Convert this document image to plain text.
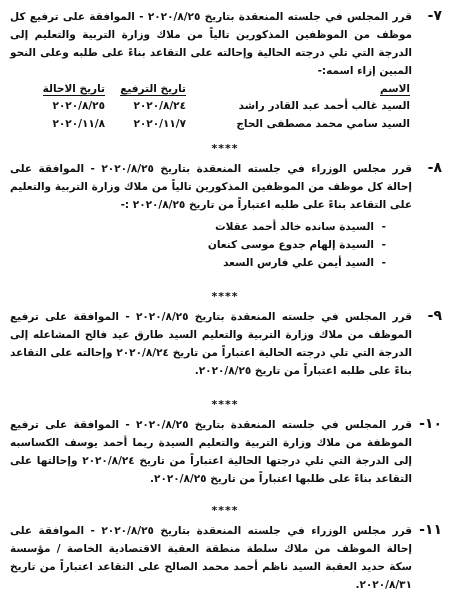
-٧
قرر المجلس في جلسته المنعقدة بتاريخ ٢٠٢٠/٨/٢٥ - الموافقة على ترفيع كل موظف من الموظفين المذكورين تالياً من ملاك وزارة التربية والتعليم إلى الدرجة التي تلي درجته الحالية وإحالته على التقاعد بناءً على طلبه وعلى النحو المبين إزاء اسمه:-
الاسم	تاريخ الترفيع	تاريخ الاحالة
السيد غالب أحمد عبد القادر راشد	٢٠٢٠/٨/٢٤	٢٠٢٠/٨/٢٥
السيد سامي محمد مصطفى الحاج	٢٠٢٠/١١/٧	٢٠٢٠/١١/٨
****
-٨
قرر مجلس الوزراء في جلسته المنعقدة بتاريخ ٢٠٢٠/٨/٢٥ - الموافقة على إحالة كل موظف من الموظفين المذكورين تالياً من ملاك وزارة التربية والتعليم على التقاعد بناءً على طلبه اعتباراً من تاريخ ٢٠٢٠/٨/٢٥ :-
- السيدة سانده خالد أحمد عقلات
- السيدة إلهام جدوع موسى كنعان
- السيد أيمن علي فارس السعد
****
-٩
قرر المجلس في جلسته المنعقدة بتاريخ ٢٠٢٠/٨/٢٥ - الموافقة على ترفيع الموظف من ملاك وزارة التربية والتعليم السيد طارق عيد فالح المشاعله إلى الدرجة التي تلي درجته الحالية اعتباراً من تاريخ ٢٠٢٠/٨/٢٤ وإحالته على التقاعد بناءً على طلبه اعتباراً من تاريخ ٢٠٢٠/٨/٢٥.
****
-١٠
قرر المجلس في جلسته المنعقدة بتاريخ ٢٠٢٠/٨/٢٥ - الموافقة على ترفيع الموظفة من ملاك وزارة التربية والتعليم السيدة ريما أحمد يوسف الكساسبه إلى الدرجة التي تلي درجتها الحالية اعتباراً من تاريخ ٢٠٢٠/٨/٢٤ وإحالتها على التقاعد بناءً على طلبها اعتباراً من تاريخ ٢٠٢٠/٨/٢٥.
****
-١١
قرر مجلس الوزراء في جلسته المنعقدة بتاريخ ٢٠٢٠/٨/٢٥ - الموافقة على إحالة الموظف من ملاك سلطة منطقة العقبة الاقتصادية الخاصة / مؤسسة سكة حديد العقبة السيد ناظم أحمد محمد الصالح على التقاعد اعتباراً من تاريخ ٢٠٢٠/٨/٣١.
